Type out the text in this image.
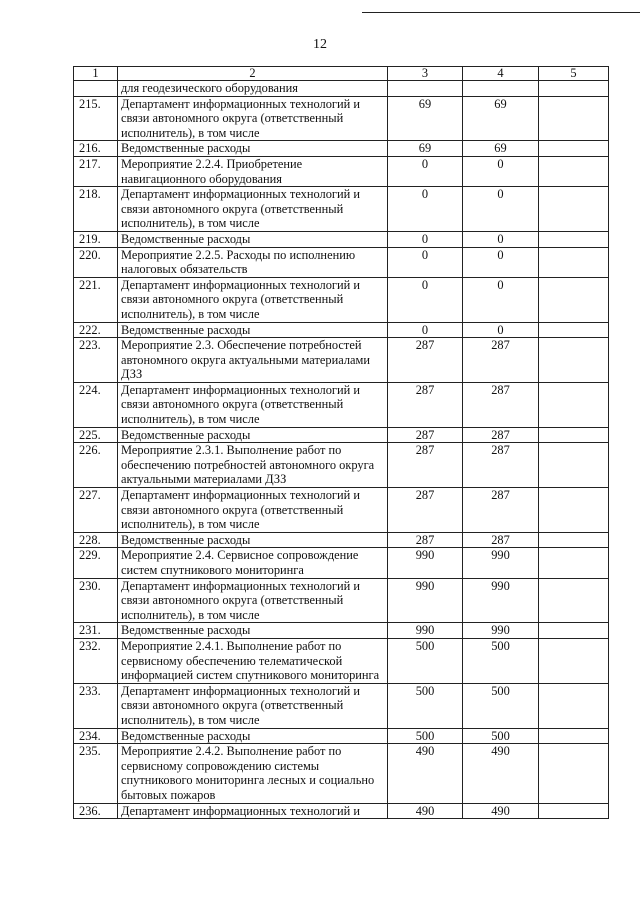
12
1	2	3	4	5
	для геодезического оборудования			
215.	Департамент информационных технологий и связи автономного округа (ответственный исполнитель), в том числе	69	69	
216.	Ведомственные расходы	69	69	
217.	Мероприятие 2.2.4. Приобретение навигационного оборудования	0	0	
218.	Департамент информационных технологий и связи автономного округа (ответственный исполнитель), в том числе	0	0	
219.	Ведомственные расходы	0	0	
220.	Мероприятие 2.2.5. Расходы по исполнению налоговых обязательств	0	0	
221.	Департамент информационных технологий и связи автономного округа (ответственный исполнитель), в том числе	0	0	
222.	Ведомственные расходы	0	0	
223.	Мероприятие 2.3. Обеспечение потребностей автономного округа актуальными материалами ДЗЗ	287	287	
224.	Департамент информационных технологий и связи автономного округа (ответственный исполнитель), в том числе	287	287	
225.	Ведомственные расходы	287	287	
226.	Мероприятие 2.3.1. Выполнение работ по обеспечению потребностей автономного округа актуальными материалами ДЗЗ	287	287	
227.	Департамент информационных технологий и связи автономного округа (ответственный исполнитель), в том числе	287	287	
228.	Ведомственные расходы	287	287	
229.	Мероприятие 2.4. Сервисное сопровождение систем спутникового мониторинга	990	990	
230.	Департамент информационных технологий и связи автономного округа (ответственный исполнитель), в том числе	990	990	
231.	Ведомственные расходы	990	990	
232.	Мероприятие 2.4.1. Выполнение работ по сервисному обеспечению телематической информацией систем спутникового мониторинга	500	500	
233.	Департамент информационных технологий и связи автономного округа (ответственный исполнитель), в том числе	500	500	
234.	Ведомственные расходы	500	500	
235.	Мероприятие 2.4.2. Выполнение работ по сервисному сопровождению системы спутникового мониторинга лесных и социально бытовых пожаров	490	490	
236.	Департамент информационных технологий и	490	490	
